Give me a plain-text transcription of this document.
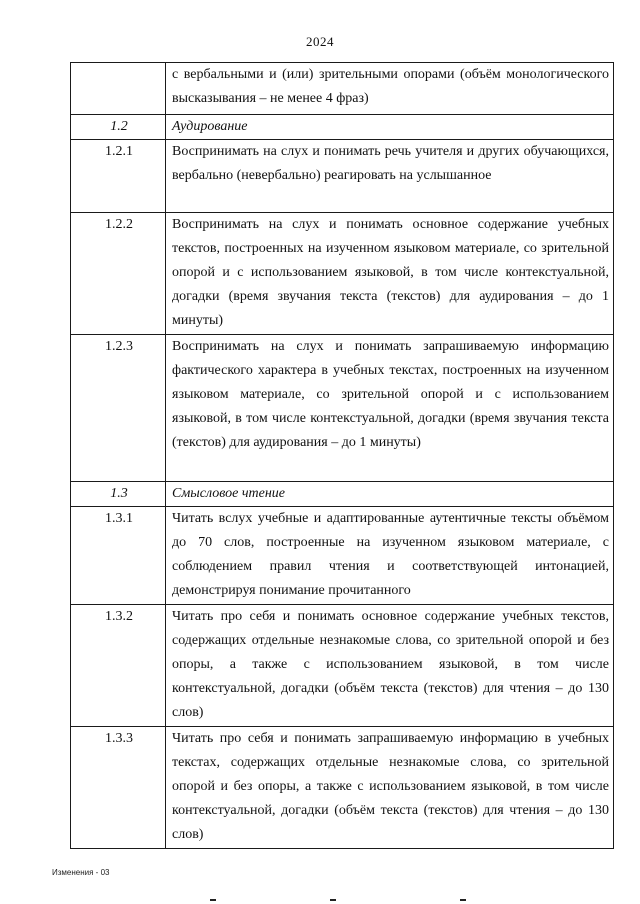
2024
	с вербальными и (или) зрительными опорами (объём монологического высказывания – не менее 4 фраз)
1.2	Аудирование
1.2.1	Воспринимать на слух и понимать речь учителя и других обучающихся, вербально (невербально) реагировать на услышанное
1.2.2	Воспринимать на слух и понимать основное содержание учебных текстов, построенных на изученном языковом материале, со зрительной опорой и с использованием языковой, в том числе контекстуальной, догадки (время звучания текста (текстов) для аудирования – до 1 минуты)
1.2.3	Воспринимать на слух и понимать запрашиваемую информацию фактического характера в учебных текстах, построенных на изученном языковом материале, со зрительной опорой и с использованием языковой, в том числе контекстуальной, догадки (время звучания текста (текстов) для аудирования – до 1 минуты)
1.3	Смысловое чтение
1.3.1	Читать вслух учебные и адаптированные аутентичные тексты объёмом до 70 слов, построенные на изученном языковом материале, с соблюдением правил чтения и соответствующей интонацией, демонстрируя понимание прочитанного
1.3.2	Читать про себя и понимать основное содержание учебных текстов, содержащих отдельные незнакомые слова, со зрительной опорой и без опоры, а также с использованием языковой, в том числе контекстуальной, догадки (объём текста (текстов) для чтения – до 130 слов)
1.3.3	Читать про себя и понимать запрашиваемую информацию в учебных текстах, содержащих отдельные незнакомые слова, со зрительной опорой и без опоры, а также с использованием языковой, в том числе контекстуальной, догадки (объём текста (текстов) для чтения – до 130 слов)
Изменения - 03
